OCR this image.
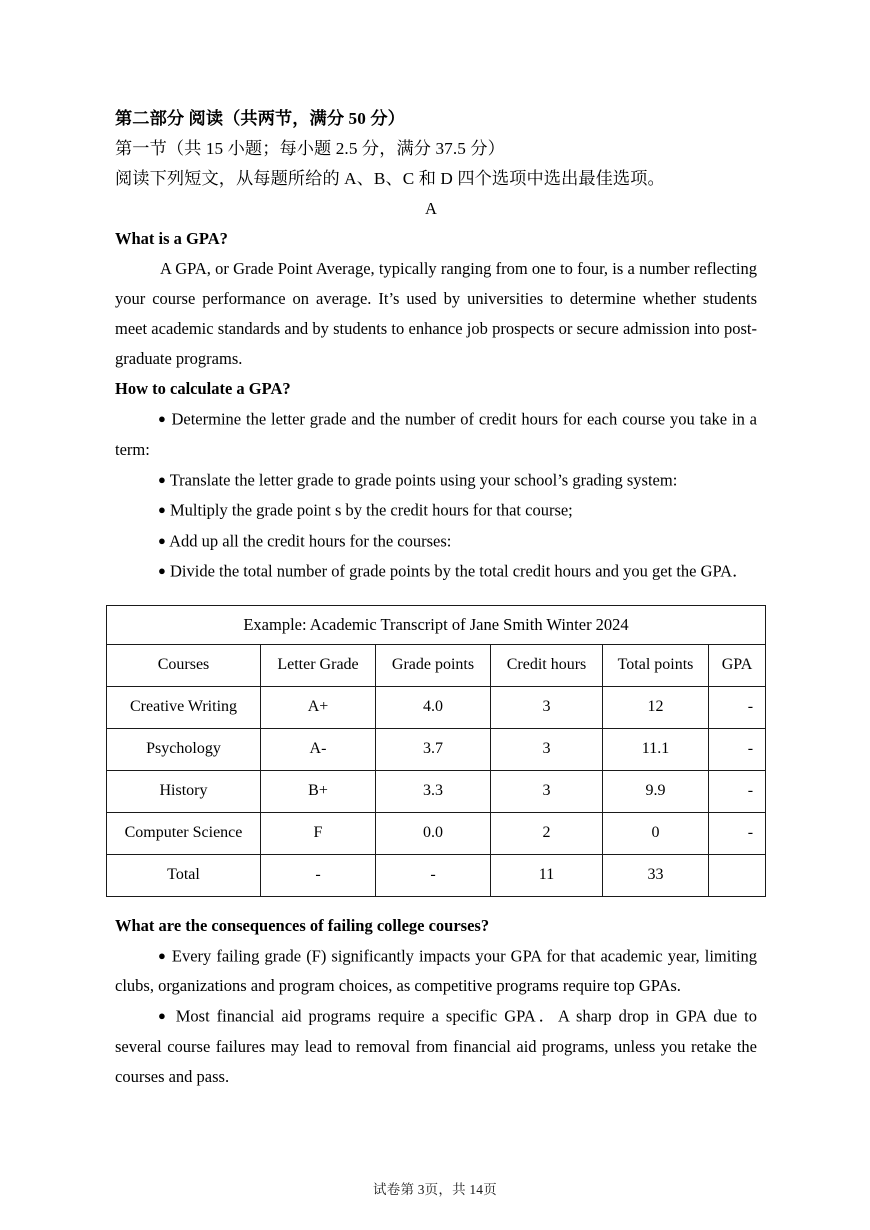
第二部分 阅读（共两节，满分 50 分）
第一节（共 15 小题；每小题 2.5 分，满分 37.5 分）
阅读下列短文，从每题所给的 A、B、C 和 D 四个选项中选出最佳选项。
A
What is a GPA?

A GPA, or Grade Point Average, typically ranging from one to four, is a number reflecting your course performance on average. It’s used by universities to determine whether students meet academic standards and by students to enhance job prospects or secure admission into post-graduate programs.

How to calculate a GPA?

● Determine the letter grade and the number of credit hours for each course you take in a term:

● Translate the letter grade to grade points using your school’s grading system:

● Multiply the grade point s by the credit hours for that course;

● Add up all the credit hours for the courses:

● Divide the total number of grade points by the total credit hours and you get the GPA．

Example: Academic Transcript of Jane Smith Winter 2024					
Courses	Letter Grade	Grade points	Credit hours	Total points	GPA
Creative Writing	A+	4.0	3	12	-
Psychology	A-	3.7	3	11.1	-
History	B+	3.3	3	9.9	-
Computer Science	F	0.0	2	0	-
Total	-	-	11	33	
What are the consequences of failing college courses?

● Every failing grade (F) significantly impacts your GPA for that academic year, limiting clubs, organizations and program choices, as competitive programs require top GPAs.

● Most financial aid programs require a specific GPA．A sharp drop in GPA due to several course failures may lead to removal from financial aid programs, unless you retake the courses and pass.

试卷第 3页，共 14页
